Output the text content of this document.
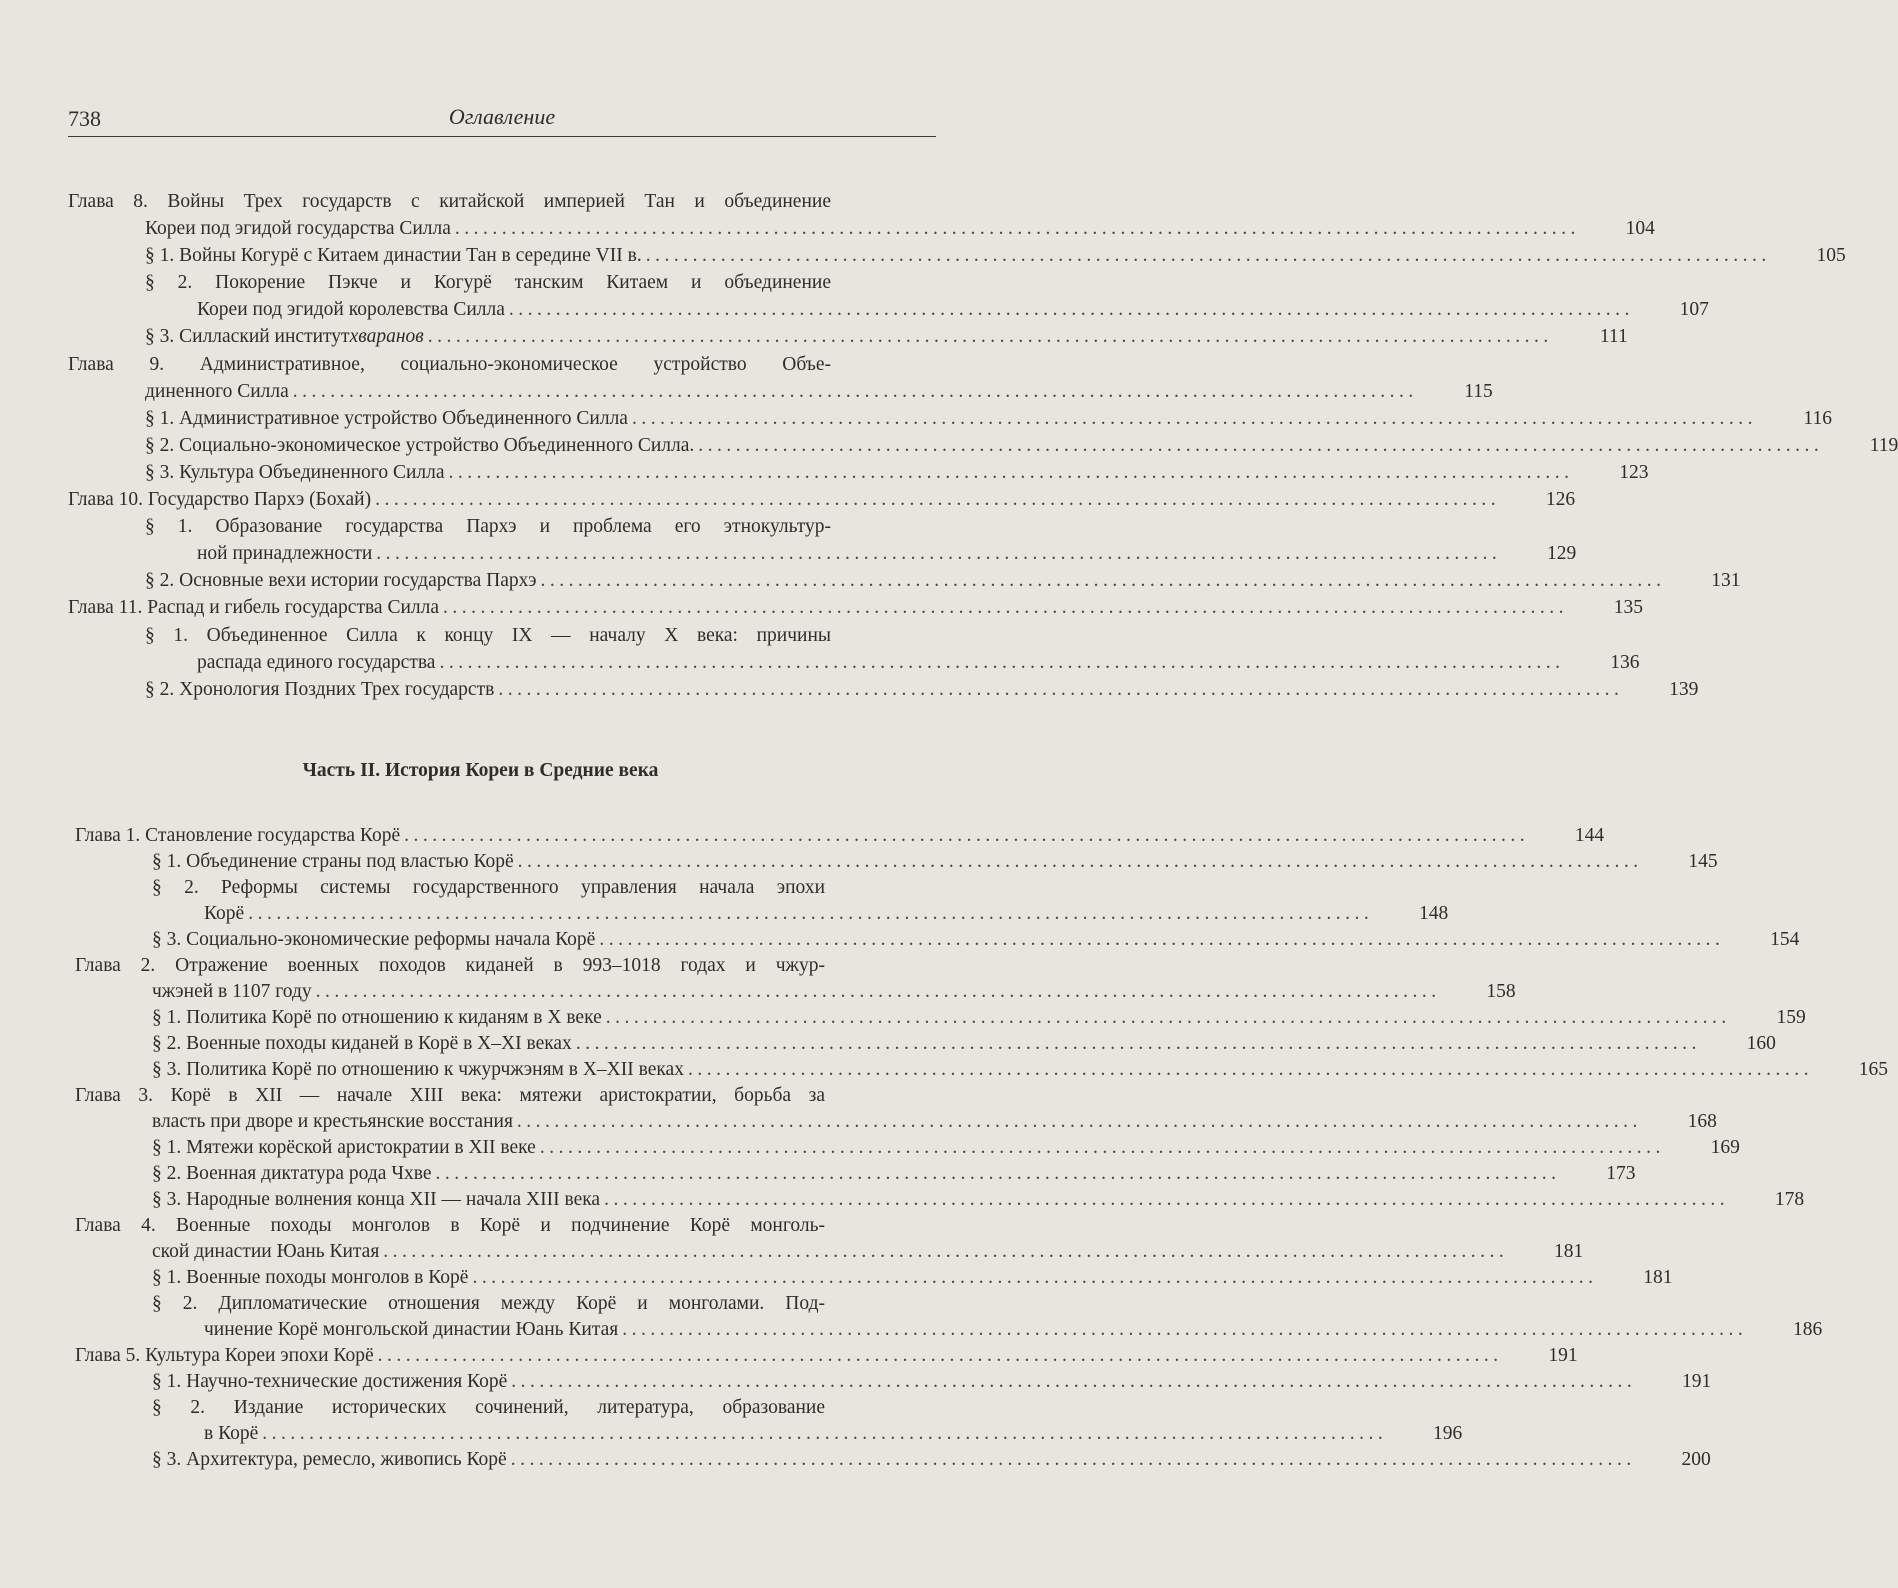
738	Оглавление
Глава 8. Войны Трех государств с китайской империей Тан и объединение
Кореи под эгидой государства Силла ........................................................................................................................	104
§ 1. Войны Когурё с Китаем династии Тан в середине VII в. ........................................................................................................................	105
§ 2. Покорение Пэкче и Когурё танским Китаем и объединение
Кореи под эгидой королевства Силла ........................................................................................................................	107
§ 3. Силлаский институт хваранов ........................................................................................................................	111
Глава 9. Административное, социально-экономическое устройство Объе-
диненного Силла ........................................................................................................................	115
§ 1. Административное устройство Объединенного Силла ........................................................................................................................	116
§ 2. Социально-экономическое устройство Объединенного Силла. ........................................................................................................................	119
§ 3. Культура Объединенного Силла ........................................................................................................................	123
Глава 10. Государство Пархэ (Бохай) ........................................................................................................................	126
§ 1. Образование государства Пархэ и проблема его этнокультур-
ной принадлежности ........................................................................................................................	129
§ 2. Основные вехи истории государства Пархэ ........................................................................................................................	131
Глава 11. Распад и гибель государства Силла ........................................................................................................................	135
§ 1. Объединенное Силла к концу IX — началу X века: причины
распада единого государства ........................................................................................................................	136
§ 2. Хронология Поздних Трех государств ........................................................................................................................	139
Часть II. История Кореи в Средние века
Глава 1. Становление государства Корё ........................................................................................................................	144
§ 1. Объединение страны под властью Корё ........................................................................................................................	145
§ 2. Реформы системы государственного управления начала эпохи
Корё ........................................................................................................................	148
§ 3. Социально-экономические реформы начала Корё ........................................................................................................................	154
Глава 2. Отражение военных походов киданей в 993–1018 годах и чжур-
чжэней в 1107 году ........................................................................................................................	158
§ 1. Политика Корё по отношению к киданям в X веке ........................................................................................................................	159
§ 2. Военные походы киданей в Корё в X–XI веках ........................................................................................................................	160
§ 3. Политика Корё по отношению к чжурчжэням в X–XII веках ........................................................................................................................	165
Глава 3. Корё в XII — начале XIII века: мятежи аристократии, борьба за
власть при дворе и крестьянские восстания ........................................................................................................................	168
§ 1. Мятежи корёской аристократии в XII веке ........................................................................................................................	169
§ 2. Военная диктатура рода Чхве ........................................................................................................................	173
§ 3. Народные волнения конца XII — начала XIII века ........................................................................................................................	178
Глава 4. Военные походы монголов в Корё и подчинение Корё монголь-
ской династии Юань Китая ........................................................................................................................	181
§ 1. Военные походы монголов в Корё ........................................................................................................................	181
§ 2. Дипломатические отношения между Корё и монголами. Под-
чинение Корё монгольской династии Юань Китая ........................................................................................................................	186
Глава 5. Культура Кореи эпохи Корё ........................................................................................................................	191
§ 1. Научно-технические достижения Корё ........................................................................................................................	191
§ 2. Издание исторических сочинений, литература, образование
в Корё ........................................................................................................................	196
§ 3. Архитектура, ремесло, живопись Корё ........................................................................................................................	200
